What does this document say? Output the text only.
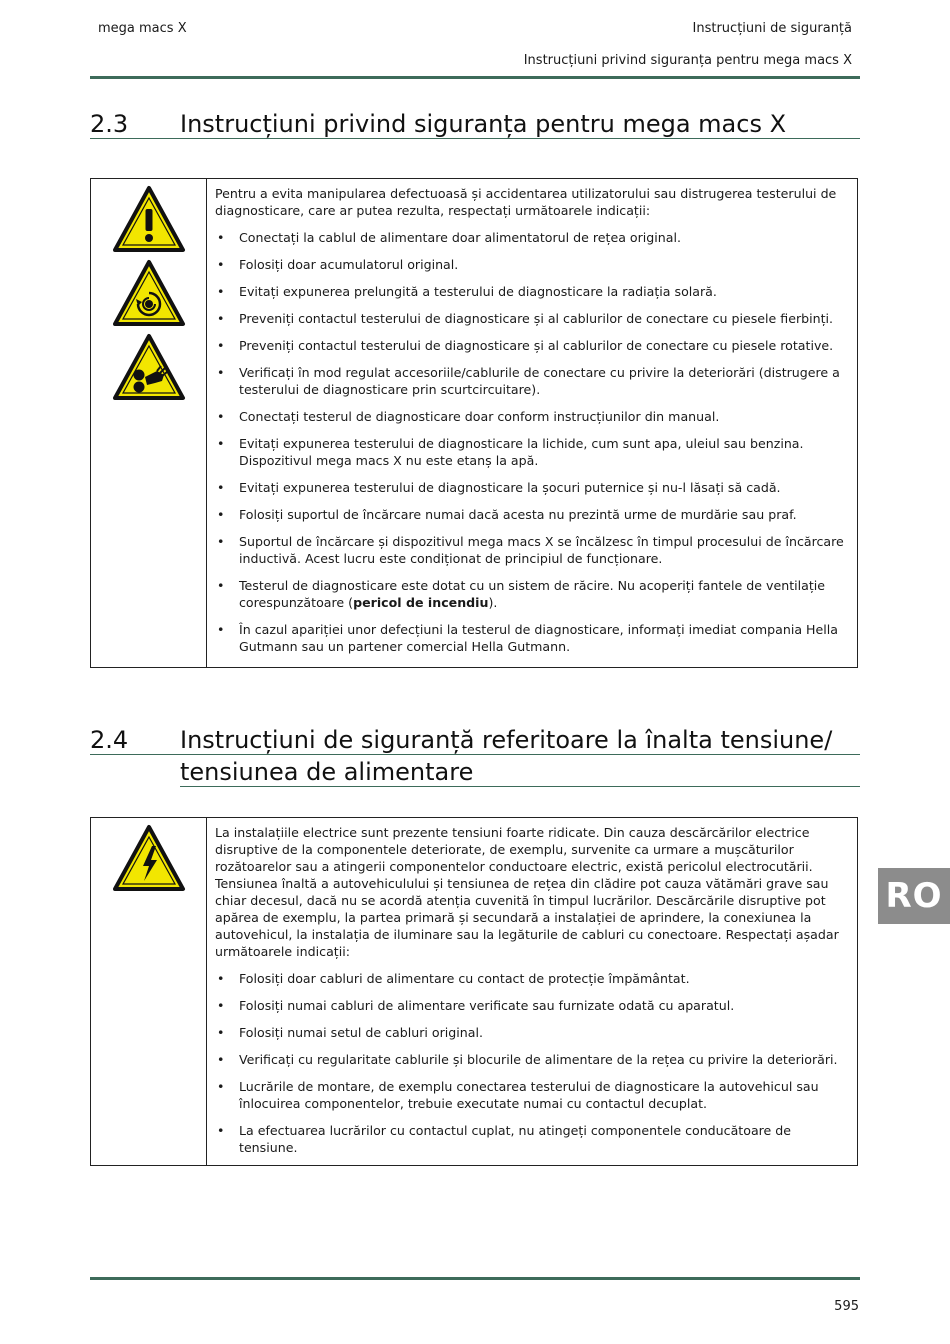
mega macs X	Instrucțiuni de siguranță
Instrucțiuni privind siguranța pentru mega macs X
2.3 Instrucțiuni privind siguranța pentru mega macs X

Pentru a evita manipularea defectuoasă și accidentarea utilizatorului sau distrugerea testerului de diagnosticare, care ar putea rezulta, respectați următoarele indicații:

• Conectați la cablul de alimentare doar alimentatorul de rețea original.
• Folosiți doar acumulatorul original.
• Evitați expunerea prelungită a testerului de diagnosticare la radiația solară.
• Preveniți contactul testerului de diagnosticare și al cablurilor de conectare cu piesele fierbinți.
• Preveniți contactul testerului de diagnosticare și al cablurilor de conectare cu piesele rotative.
• Verificați în mod regulat accesoriile/cablurile de conectare cu privire la deteriorări (distrugere a testerului de diagnosticare prin scurtcircuitare).
• Conectați testerul de diagnosticare doar conform instrucțiunilor din manual.
• Evitați expunerea testerului de diagnosticare la lichide, cum sunt apa, uleiul sau benzina. Dispozitivul mega macs X nu este etanș la apă.
• Evitați expunerea testerului de diagnosticare la șocuri puternice și nu-l lăsați să cadă.
• Folosiți suportul de încărcare numai dacă acesta nu prezintă urme de murdărie sau praf.
• Suportul de încărcare și dispozitivul mega macs X se încălzesc în timpul procesului de încărcare inductivă. Acest lucru este condiționat de principiul de funcționare.
• Testerul de diagnosticare este dotat cu un sistem de răcire. Nu acoperiți fantele de ventilație corespunzătoare (pericol de incendiu).
• În cazul apariției unor defecțiuni la testerul de diagnosticare, informați imediat compania Hella Gutmann sau un partener comercial Hella Gutmann.
2.4 Instrucțiuni de siguranță referitoare la înalta tensiune/
tensiunea de alimentare

La instalațiile electrice sunt prezente tensiuni foarte ridicate. Din cauza descărcărilor electrice disruptive de la componentele deteriorate, de exemplu, survenite ca urmare a mușcăturilor rozătoarelor sau a atingerii componentelor conductoare electric, există pericolul electrocutării. Tensiunea înaltă a autovehiculului și tensiunea de rețea din clădire pot cauza vătămări grave sau chiar decesul, dacă nu se acordă atenția cuvenită în timpul lucrărilor. Descărcările disruptive pot apărea de exemplu, la partea primară și secundară a instalației de aprindere, la conexiunea la autovehicul, la instalația de iluminare sau la legăturile de cabluri cu conectoare. Respectați așadar următoarele indicații:

• Folosiți doar cabluri de alimentare cu contact de protecție împământat.
• Folosiți numai cabluri de alimentare verificate sau furnizate odată cu aparatul.
• Folosiți numai setul de cabluri original.
• Verificați cu regularitate cablurile și blocurile de alimentare de la rețea cu privire la deteriorări.
• Lucrările de montare, de exemplu conectarea testerului de diagnosticare la autovehicul sau înlocuirea componentelor, trebuie executate numai cu contactul decuplat.
• La efectuarea lucrărilor cu contactul cuplat, nu atingeți componentele conducătoare de tensiune.
RO
595
